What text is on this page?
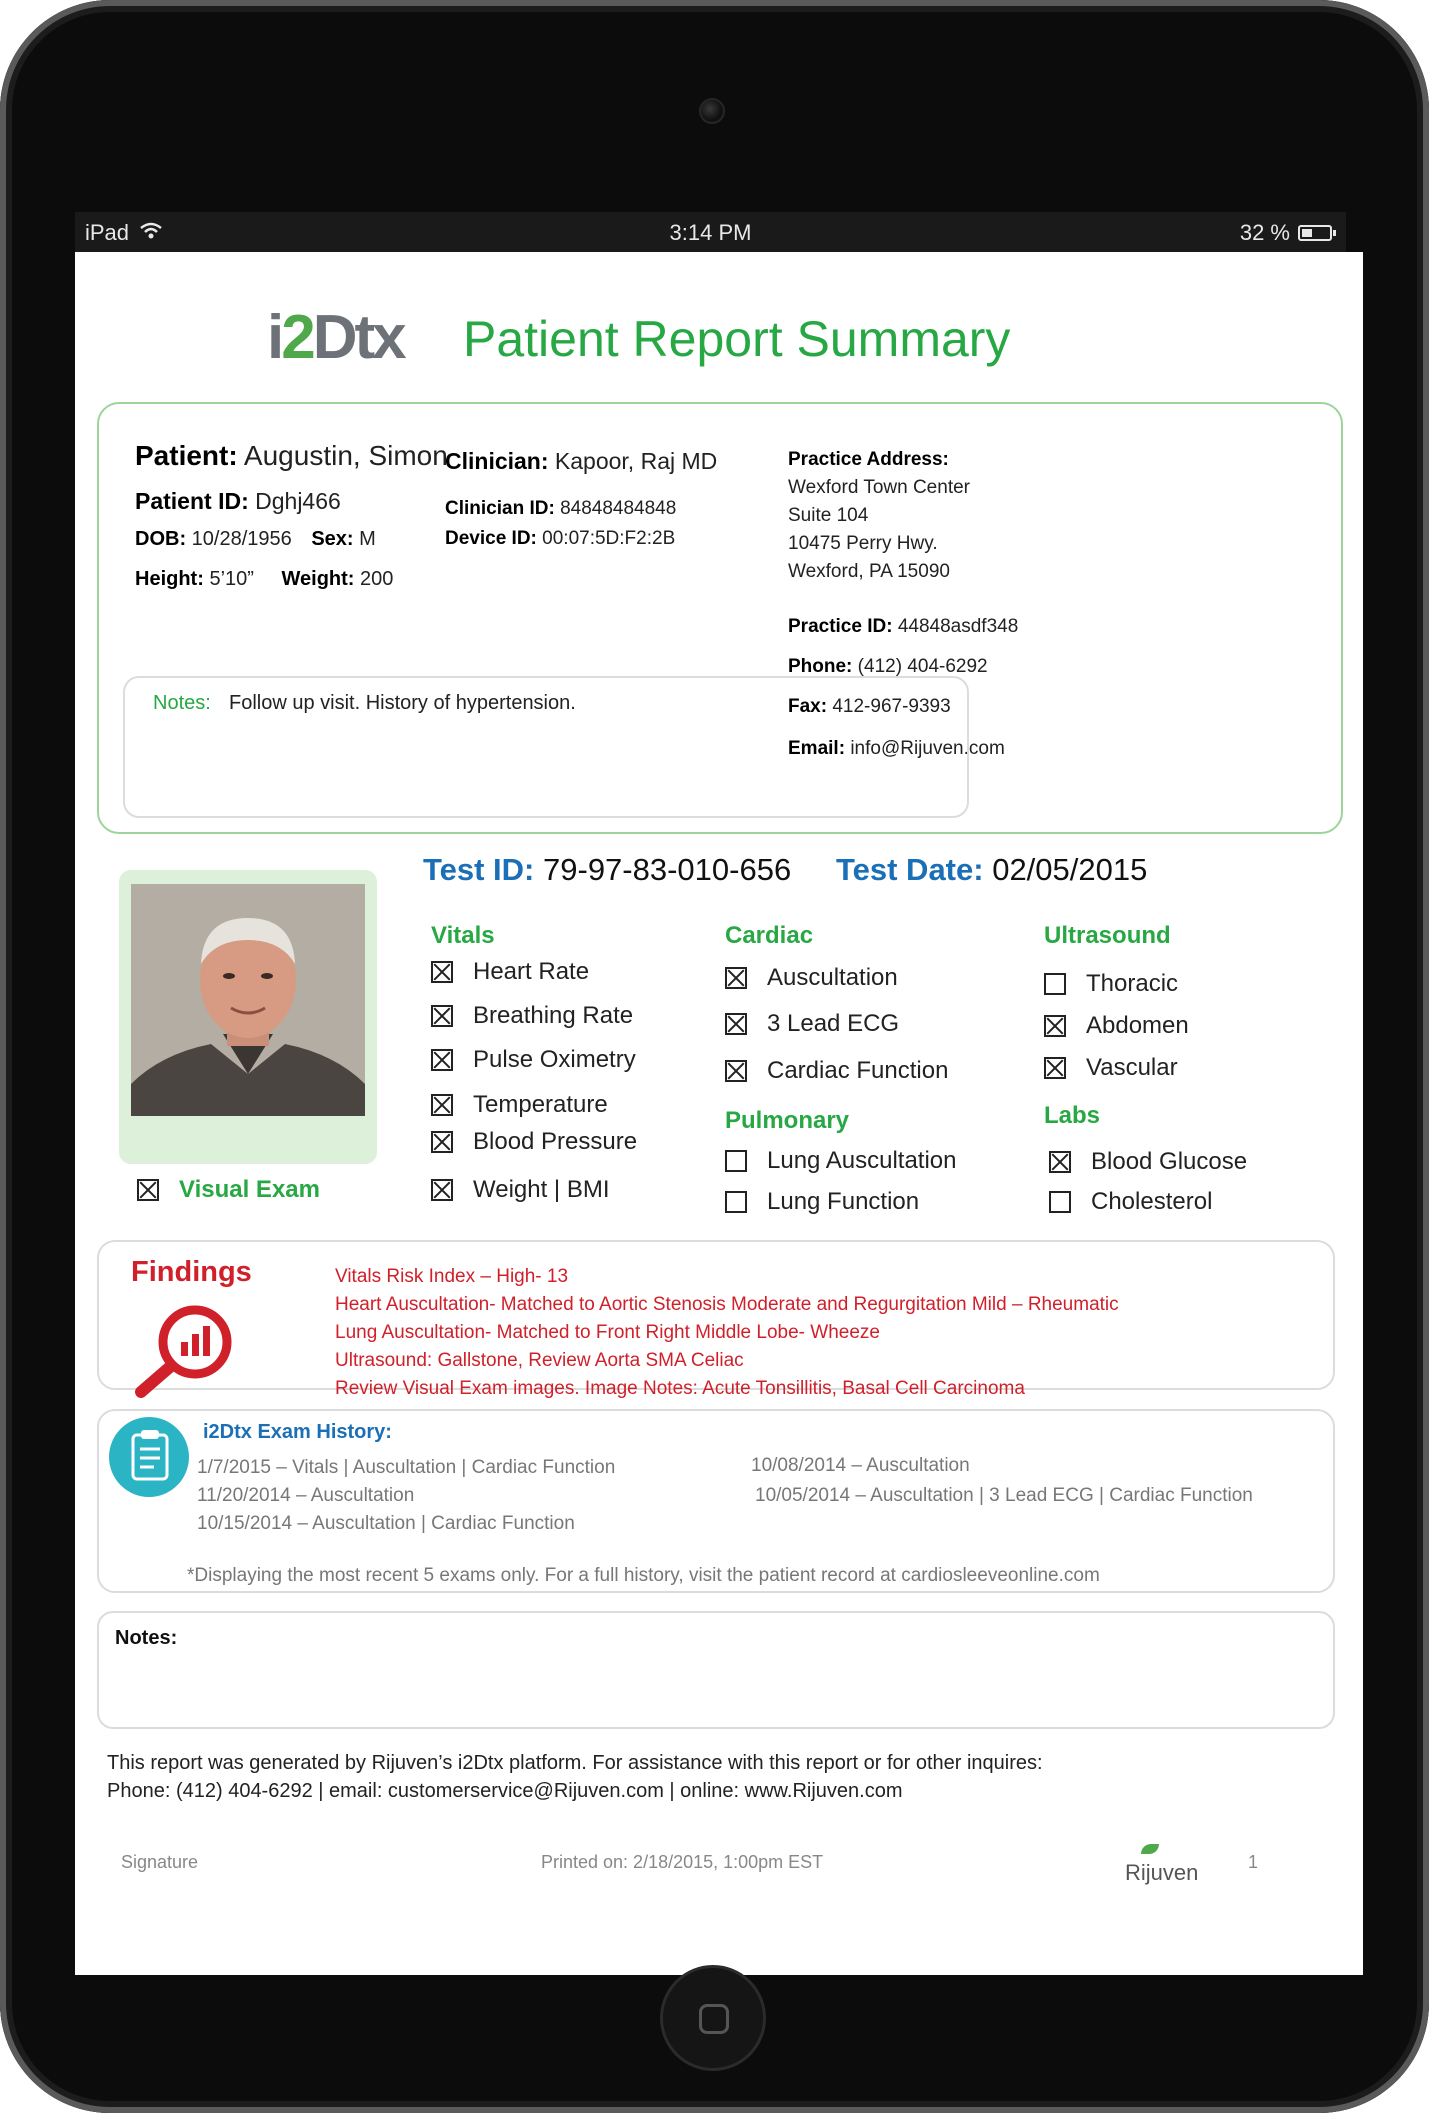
iPad	3:14 PM	32 %
i2Dtx Patient Report Summary
Patient: Augustin, Simon
Patient ID: Dghj466
DOB: 10/28/1956 Sex: M
Height: 5’10” Weight: 200
Clinician: Kapoor, Raj MD
Clinician ID: 84848484848
Device ID: 00:07:5D:F2:2B
Practice Address:
Wexford Town Center
Suite 104
10475 Perry Hwy.
Wexford, PA 15090
Practice ID: 44848asdf348
Phone: (412) 404-6292
Fax: 412-967-9393
Email: info@Rijuven.com
Notes: Follow up visit. History of hypertension.
Visual Exam
Test ID: 79-97-83-010-656 Test Date: 02/05/2015
Vitals
Heart Rate
Breathing Rate
Pulse Oximetry
Temperature
Blood Pressure
Weight | BMI
Cardiac
Auscultation
3 Lead ECG
Cardiac Function
Pulmonary
Lung Auscultation
Lung Function
Ultrasound
Thoracic
Abdomen
Vascular
Labs
Blood Glucose
Cholesterol
Findings	Vitals Risk Index – High- 13
Heart Auscultation- Matched to Aortic Stenosis Moderate and Regurgitation Mild – Rheumatic
Lung Auscultation- Matched to Front Right Middle Lobe- Wheeze
Ultrasound: Gallstone, Review Aorta SMA Celiac
Review Visual Exam images. Image Notes: Acute Tonsillitis, Basal Cell Carcinoma
i2Dtx Exam History:
1/7/2015 – Vitals | Auscultation | Cardiac Function
11/20/2014 – Auscultation
10/15/2014 – Auscultation | Cardiac Function
10/08/2014 – Auscultation
10/05/2014 – Auscultation | 3 Lead ECG | Cardiac Function
*Displaying the most recent 5 exams only. For a full history, visit the patient record at cardiosleeveonline.com
Notes:
This report was generated by Rijuven’s i2Dtx platform. For assistance with this report or for other inquires:
Phone: (412) 404-6292 | email: customerservice@Rijuven.com | online: www.Rijuven.com
Signature	Printed on: 2/18/2015, 1:00pm EST	Rijuven	1
